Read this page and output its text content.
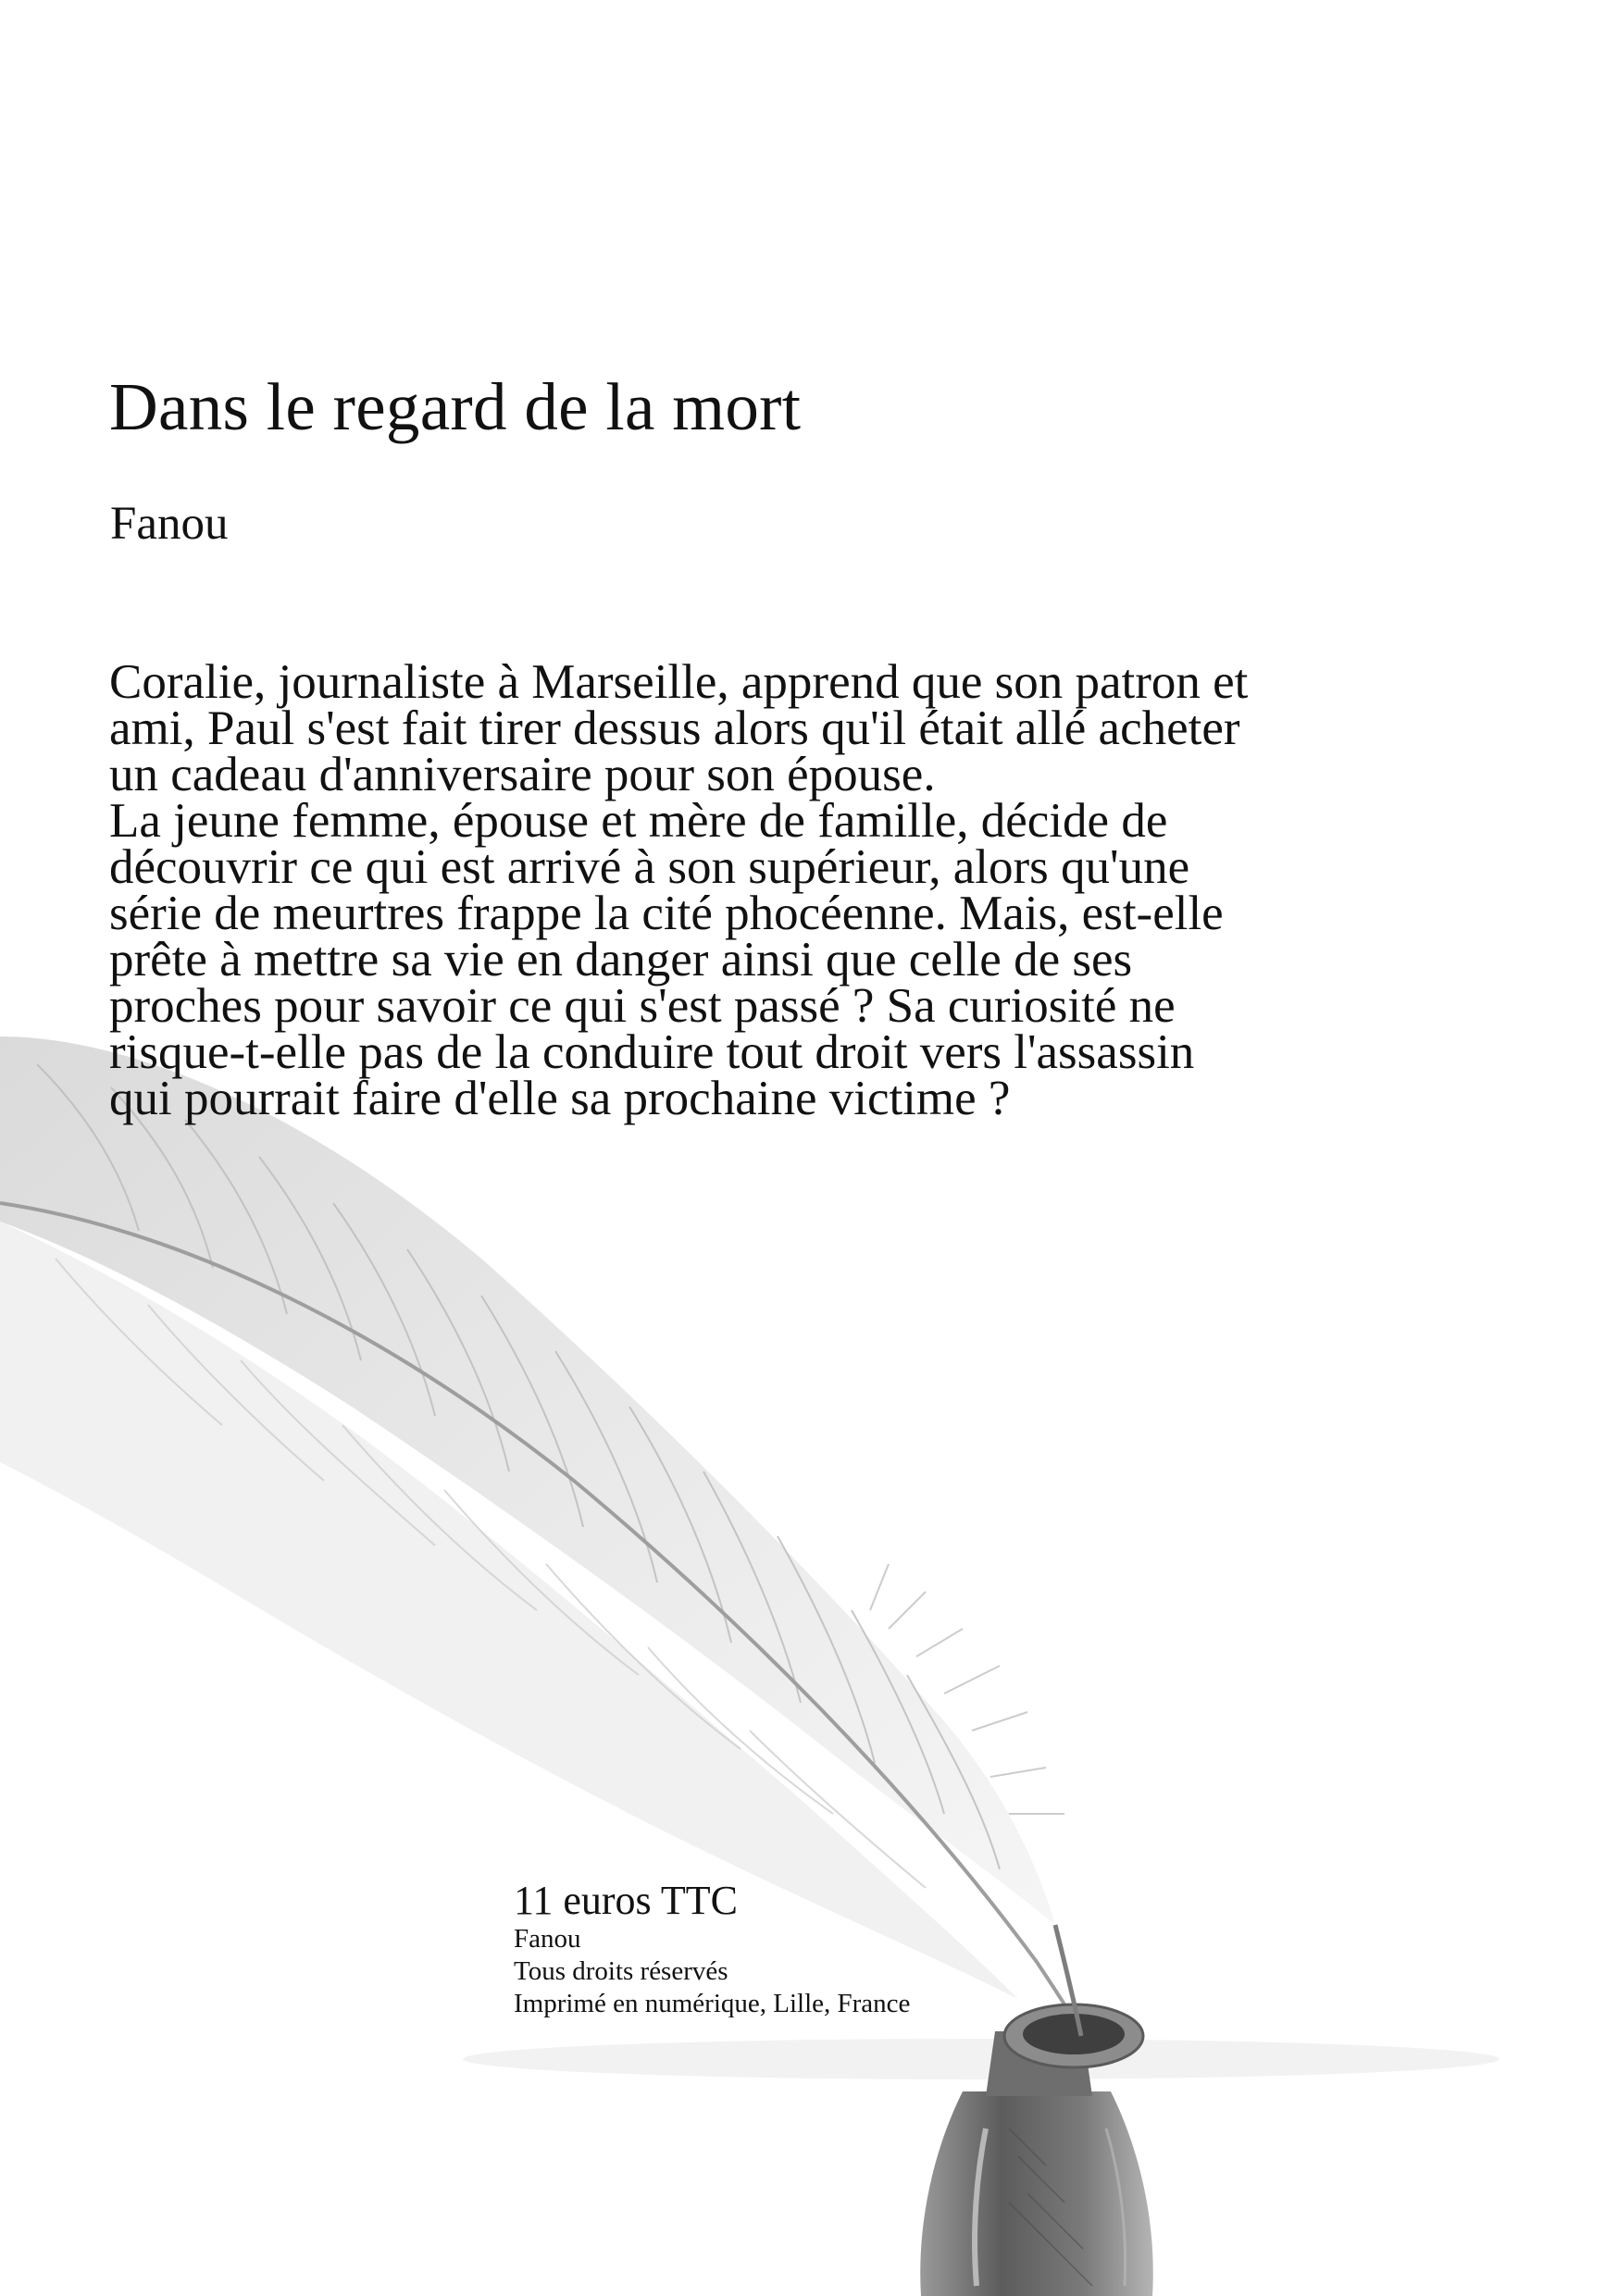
Dans le regard de la mort
Fanou

Coralie, journaliste à Marseille, apprend que son patron et ami, Paul s'est fait tirer dessus alors qu'il était allé acheter un cadeau d'anniversaire pour son épouse.

La jeune femme, épouse et mère de famille, décide de découvrir ce qui est arrivé à son supérieur, alors qu'une série de meurtres frappe la cité phocéenne. Mais, est-elle prête à mettre sa vie en danger ainsi que celle de ses proches pour savoir ce qui s'est passé ? Sa curiosité ne risque-t-elle pas de la conduire tout droit vers l'assassin qui pourrait faire d'elle sa prochaine victime ?

11 euros TTC
Fanou
Tous droits réservés
Imprimé en numérique, Lille, France
